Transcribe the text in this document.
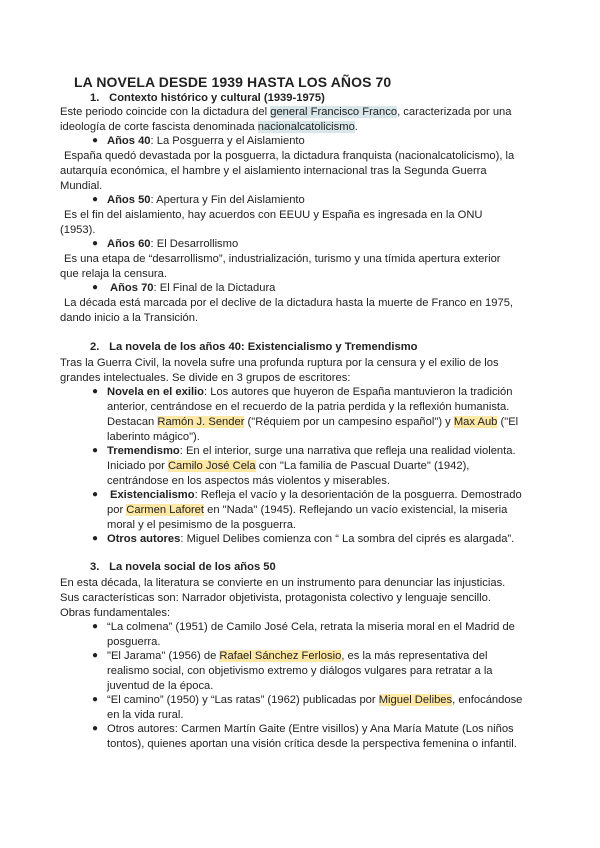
LA NOVELA DESDE 1939 HASTA LOS AÑOS 70
1. Contexto histórico y cultural (1939-1975)
Este periodo coincide con la dictadura del general Francisco Franco, caracterizada por una
ideología de corte fascista denominada nacionalcatolicismo.
● Años 40: La Posguerra y el Aislamiento
España quedó devastada por la posguerra, la dictadura franquista (nacionalcatolicismo), la
autarquía económica, el hambre y el aislamiento internacional tras la Segunda Guerra
Mundial.
● Años 50: Apertura y Fin del Aislamiento
Es el fin del aislamiento, hay acuerdos con EEUU y España es ingresada en la ONU
(1953).
● Años 60: El Desarrollismo
Es una etapa de “desarrollismo”, industrialización, turismo y una tímida apertura exterior
que relaja la censura.
● Años 70: El Final de la Dictadura
La década está marcada por el declive de la dictadura hasta la muerte de Franco en 1975,
dando inicio a la Transición.
2. La novela de los años 40: Existencialismo y Tremendismo
Tras la Guerra Civil, la novela sufre una profunda ruptura por la censura y el exilio de los
grandes intelectuales. Se divide en 3 grupos de escritores:
● Novela en el exilio: Los autores que huyeron de España mantuvieron la tradición
anterior, centrándose en el recuerdo de la patria perdida y la reflexión humanista.
Destacan Ramón J. Sender ("Réquiem por un campesino español") y Max Aub ("El
laberinto mágico").
● Tremendismo: En el interior, surge una narrativa que refleja una realidad violenta.
Iniciado por Camilo José Cela con "La familia de Pascual Duarte" (1942),
centrándose en los aspectos más violentos y miserables.
● Existencialismo: Refleja el vacío y la desorientación de la posguerra. Demostrado
por Carmen Laforet en "Nada" (1945). Reflejando un vacío existencial, la miseria
moral y el pesimismo de la posguerra.
● Otros autores: Miguel Delibes comienza con “ La sombra del ciprés es alargada”.
3. La novela social de los años 50
En esta década, la literatura se convierte en un instrumento para denunciar las injusticias.
Sus características son: Narrador objetivista, protagonista colectivo y lenguaje sencillo.
Obras fundamentales:
● “La colmena” (1951) de Camilo José Cela, retrata la miseria moral en el Madrid de
posguerra.
● "El Jarama" (1956) de Rafael Sánchez Ferlosio, es la más representativa del
realismo social, con objetivismo extremo y diálogos vulgares para retratar a la
juventud de la época.
● “El camino” (1950) y “Las ratas” (1962) publicadas por Miguel Delibes, enfocándose
en la vida rural.
● Otros autores: Carmen Martín Gaite (Entre visillos) y Ana María Matute (Los niños
tontos), quienes aportan una visión crítica desde la perspectiva femenina o infantil.
